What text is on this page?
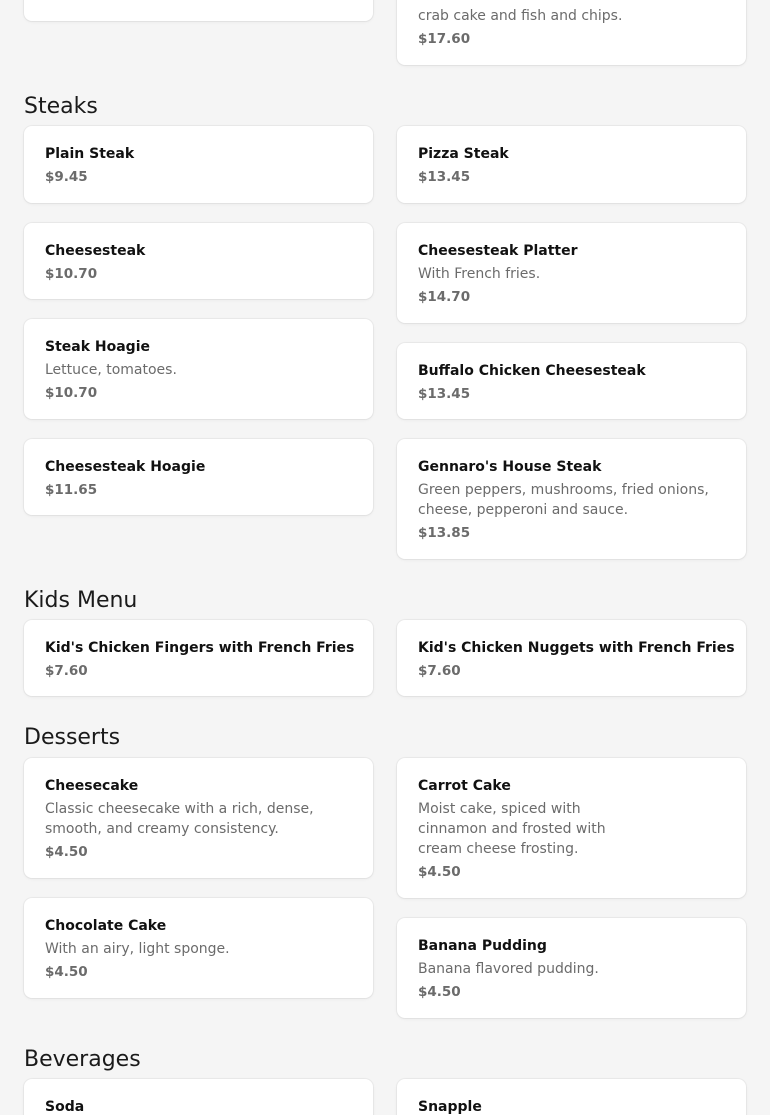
crab cake and fish and chips.
$17.60
Steaks
Plain Steak
$9.45
Pizza Steak
$13.45
Cheesesteak
$10.70
Cheesesteak Platter
With French fries.
$14.70
Steak Hoagie
Lettuce, tomatoes.
$10.70
Buffalo Chicken Cheesesteak
$13.45
Cheesesteak Hoagie
$11.65
Gennaro's House Steak
Green peppers, mushrooms, fried onions, cheese, pepperoni and sauce.
$13.85
Kids Menu
Kid's Chicken Fingers with French Fries
$7.60
Kid's Chicken Nuggets with French Fries
$7.60
Desserts
Cheesecake
Classic cheesecake with a rich, dense, smooth, and creamy consistency.
$4.50
Carrot Cake
Moist cake, spiced with cinnamon and frosted with cream cheese frosting.
$4.50
Chocolate Cake
With an airy, light sponge.
$4.50
Banana Pudding
Banana flavored pudding.
$4.50
Beverages
Soda	Snapple
